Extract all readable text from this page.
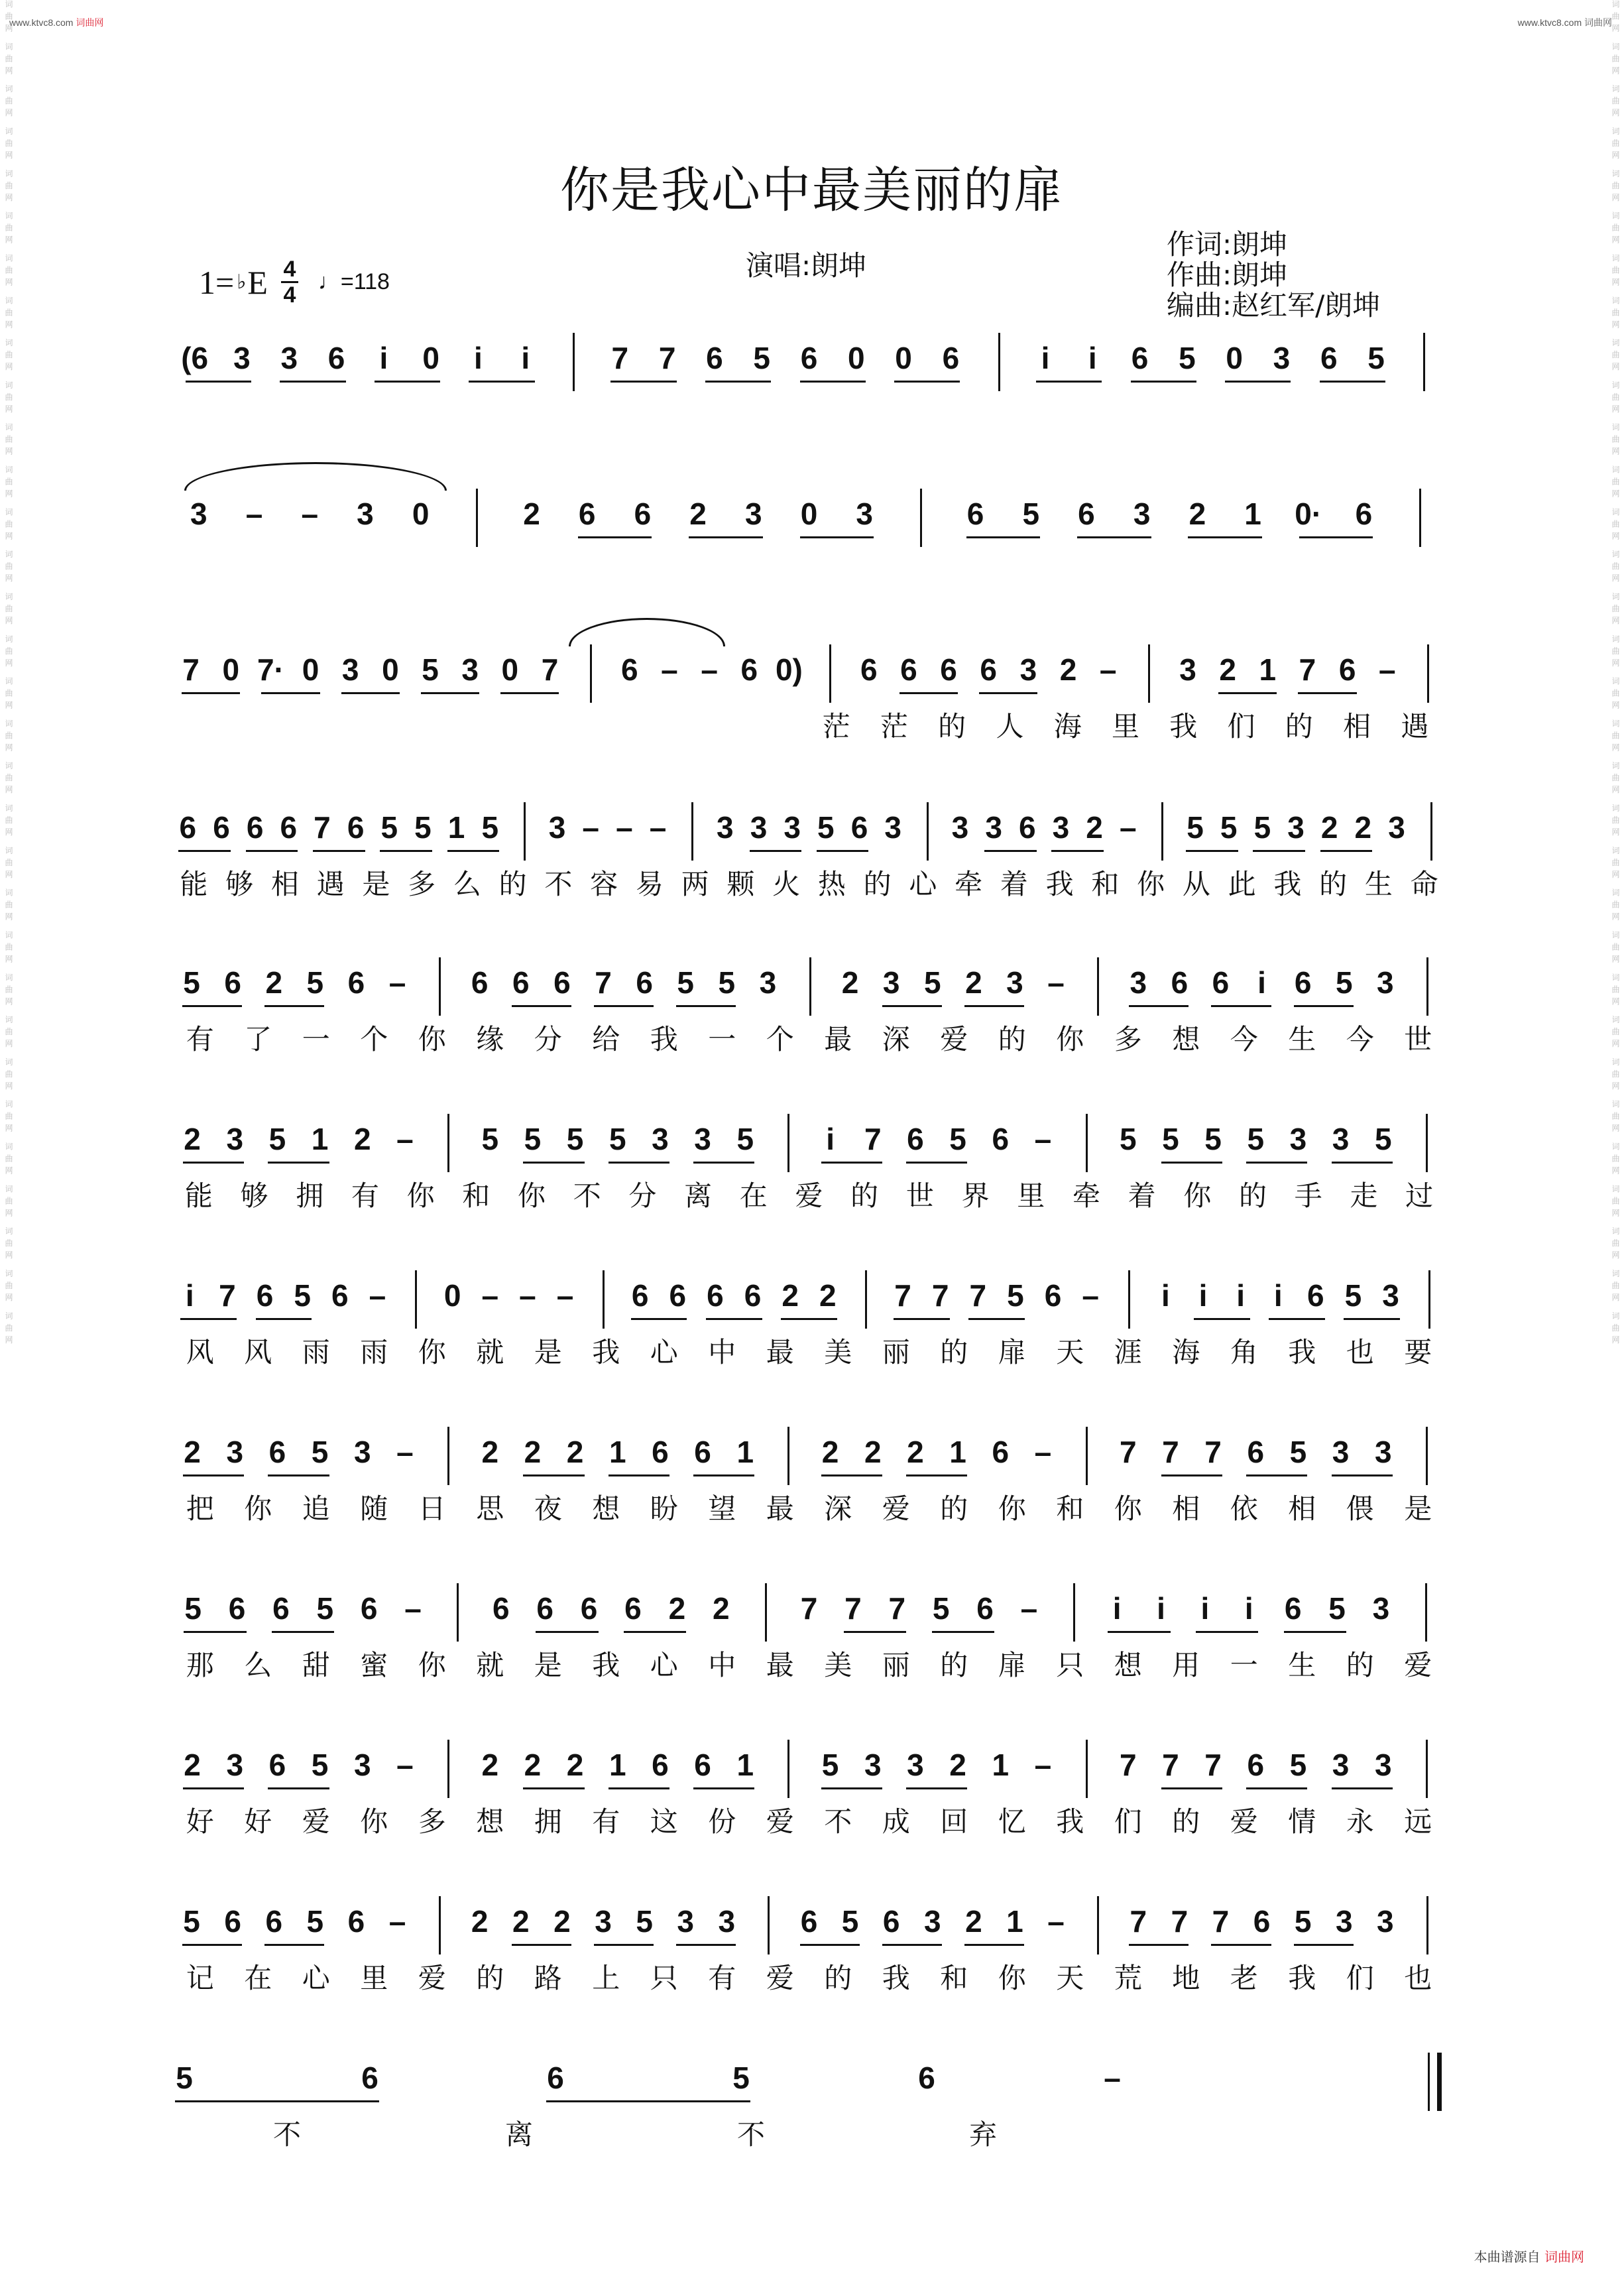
www.ktvc8.com 词曲网	www.ktvc8.com 词曲网
词曲网 词曲网 词曲网 词曲网 词曲网 词曲网 词曲网 词曲网 词曲网 词曲网 词曲网 词曲网 词曲网 词曲网 词曲网 词曲网 词曲网 词曲网 词曲网 词曲网 词曲网 词曲网 词曲网 词曲网 词曲网 词曲网 词曲网 词曲网 词曲网 词曲网 词曲网 词曲网	词曲网 词曲网 词曲网 词曲网 词曲网 词曲网 词曲网 词曲网 词曲网 词曲网 词曲网 词曲网 词曲网 词曲网 词曲网 词曲网 词曲网 词曲网 词曲网 词曲网 词曲网 词曲网 词曲网 词曲网 词曲网 词曲网 词曲网 词曲网 词曲网 词曲网 词曲网 词曲网
你是我心中最美丽的扉
1= ♭ E 4
4
♩=118	演唱:朗坤
作词:朗坤
作曲:朗坤
编曲:赵红军/朗坤
(6 3 3 6 i 0 i i	7 7 6 5 6 0 0 6	i i 6 5 0 3 6 5
3 – – 3 0	2 6 6 2 3 0 3	6 5 6 3 2 1 0· 6
7 0 7· 0 3 0 5 3 0 7 6 – – 6 0) 6 6 6 6 3 2 – 3 2 1 7 6 –
茫 茫 的 人 海 里 我 们 的 相 遇
6 6 6 6 7 6 5 5 1 5 3 – – – 3 3 3 5 6 3 3 3 6 3 2 – 5 5 5 3 2 2 3
能 够 相 遇 是 多 么 的 不 容 易 两 颗 火 热 的 心 牵 着 我 和 你 从 此 我 的 生 命
5 6 2 5 6 – 6 6 6 7 6 5 5 3 2 3 5 2 3 – 3 6 6 i 6 5 3
有 了 一 个 你 缘 分 给 我 一 个 最 深 爱 的 你 多 想 今 生 今 世
2 3 5 1 2 – 5 5 5 5 3 3 5 i 7 6 5 6 – 5 5 5 5 3 3 5
能 够 拥 有 你 和 你 不 分 离 在 爱 的 世 界 里 牵 着 你 的 手 走 过
i 7 6 5 6 – 0 – – – 6 6 6 6 2 2 7 7 7 5 6 – i i i i 6 5 3
风 风 雨 雨 你 就 是 我 心 中 最 美 丽 的 扉 天 涯 海 角 我 也 要
2 3 6 5 3 – 2 2 2 1 6 6 1 2 2 2 1 6 – 7 7 7 6 5 3 3
把 你 追 随 日 思 夜 想 盼 望 最 深 爱 的 你 和 你 相 依 相 偎 是
5 6 6 5 6 – 6 6 6 6 2 2 7 7 7 5 6 – i i i i 6 5 3
那 么 甜 蜜 你 就 是 我 心 中 最 美 丽 的 扉 只 想 用 一 生 的 爱
2 3 6 5 3 – 2 2 2 1 6 6 1 5 3 3 2 1 – 7 7 7 6 5 3 3
好 好 爱 你 多 想 拥 有 这 份 爱 不 成 回 忆 我 们 的 爱 情 永 远
5 6 6 5 6 – 2 2 2 3 5 3 3 6 5 6 3 2 1 – 7 7 7 6 5 3 3
记 在 心 里 爱 的 路 上 只 有 爱 的 我 和 你 天 荒 地 老 我 们 也
5	6	6	5	6	–
不	离	不	弃
本曲谱源自 词曲网
